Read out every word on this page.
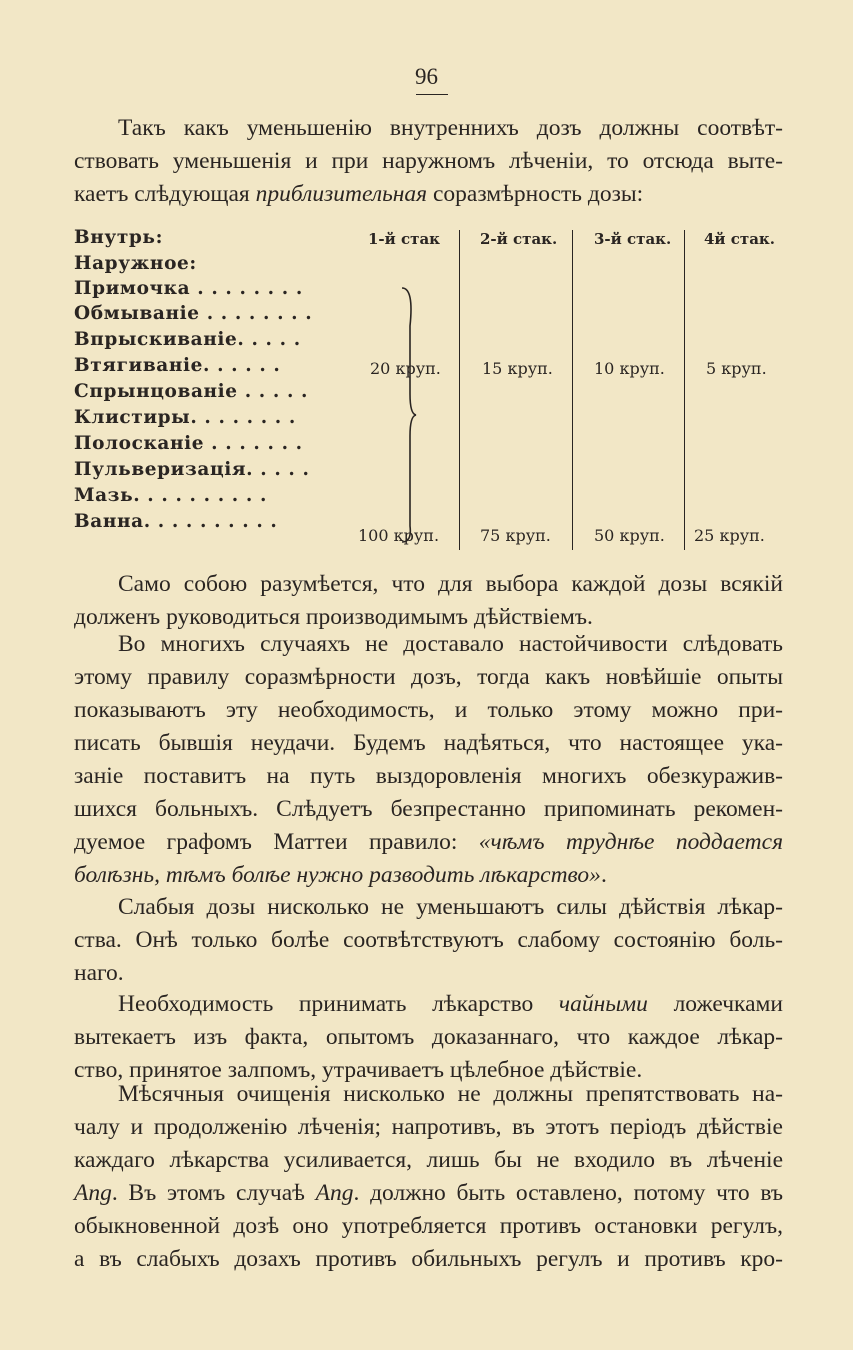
96
Такъ какъ уменьшенію внутреннихъ дозъ должны соотвѣт-
ствовать уменьшенія и при наружномъ лѣченіи, то отсюда выте-
каетъ слѣдующая приблизительная соразмѣрность дозы:
Внутрь:
Наружное:
1-й стак	2-й стак. 3-й стак. 4й стак.
Примочка . . . . . . . .
Обмываніе . . . . . . . .
Впрыскиваніе. . . . .
Втягиваніе. . . . . .
Спрынцованіе . . . . .
Клистиры. . . . . . . .
Полосканіе . . . . . . .
Пульверизація. . . . .
Мазь. . . . . . . . . .
Ванна. . . . . . . . . .
20 круп.	15 круп.	10 круп.	5 круп.
100 круп.	75 круп.	50 круп. 25 круп.
Само собою разумѣется, что для выбора каждой дозы всякій
долженъ руководиться производимымъ дѣйствіемъ.
Во многихъ случаяхъ не доставало настойчивости слѣдовать
этому правилу соразмѣрности дозъ, тогда какъ новѣйшіе опыты
показываютъ эту необходимость, и только этому можно при-
писать бывшія неудачи. Будемъ надѣяться, что настоящее ука-
заніе поставитъ на путь выздоровленія многихъ обезкуражив-
шихся больныхъ. Слѣдуетъ безпрестанно припоминать рекомен-
дуемое графомъ Маттеи правило: «чѣмъ труднѣе поддается
болѣзнь, тѣмъ болѣе нужно разводить лѣкарство».
Слабыя дозы нисколько не уменьшаютъ силы дѣйствія лѣкар-
ства. Онѣ только болѣе соотвѣтствуютъ слабому состоянію боль-
наго.
Необходимость принимать лѣкарство чайными ложечками
вытекаетъ изъ факта, опытомъ доказаннаго, что каждое лѣкар-
ство, принятое залпомъ, утрачиваетъ цѣлебное дѣйствіе.
Мѣсячныя очищенія нисколько не должны препятствовать на-
чалу и продолженію лѣченія; напротивъ, въ этотъ періодъ дѣйствіе
каждаго лѣкарства усиливается, лишь бы не входило въ лѣченіе
Ang. Въ этомъ случаѣ Ang. должно быть оставлено, потому что въ
обыкновенной дозѣ оно употребляется противъ остановки регулъ,
а въ слабыхъ дозахъ противъ обильныхъ регулъ и противъ кро-
